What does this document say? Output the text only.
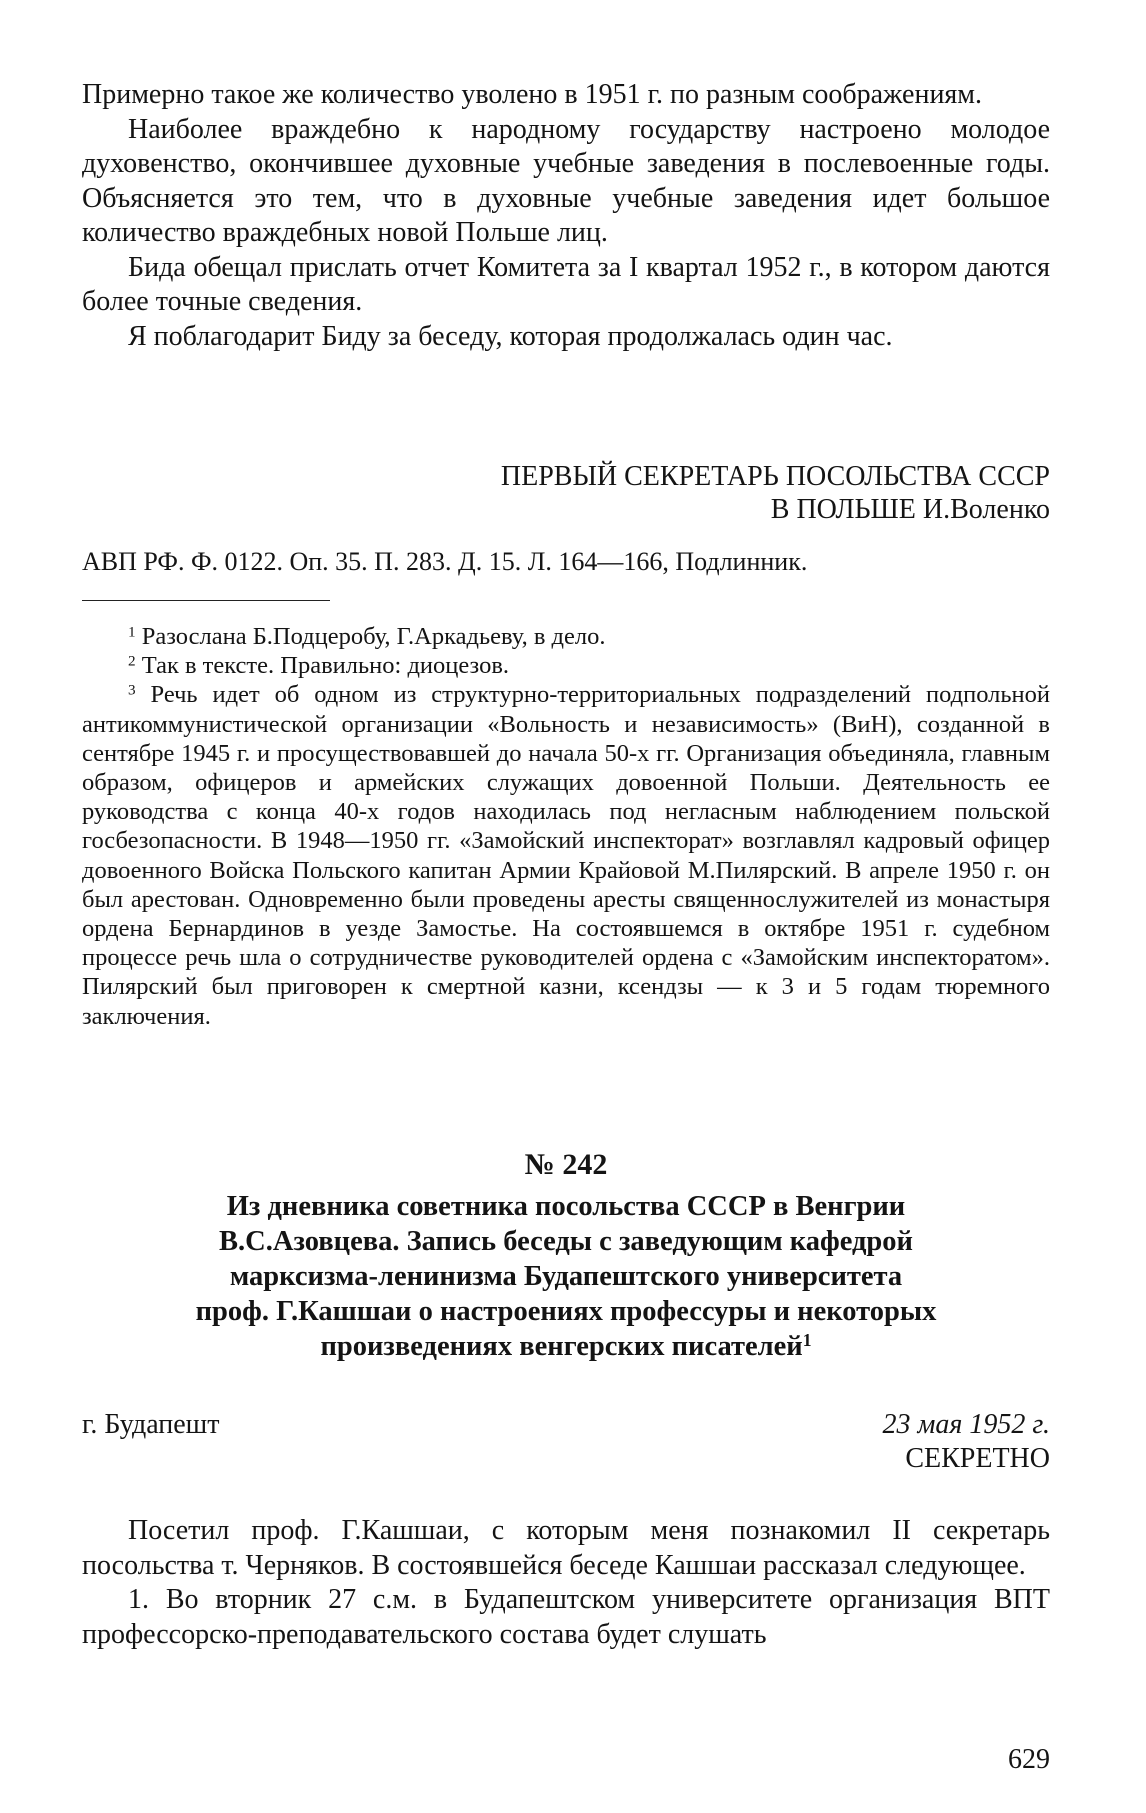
Примерно такое же количество уволено в 1951 г. по разным соображениям.

Наиболее враждебно к народному государству настроено молодое духовенство, окончившее духовные учебные заведения в послевоенные годы. Объясняется это тем, что в духовные учебные заведения идет большое количество враждебных новой Польше лиц.

Бида обещал прислать отчет Комитета за I квартал 1952 г., в котором даются более точные сведения.

Я поблагодарит Биду за беседу, которая продолжалась один час.

ПЕРВЫЙ СЕКРЕТАРЬ ПОСОЛЬСТВА СССР

В ПОЛЬШЕ И.Воленко

АВП РФ. Ф. 0122. Оп. 35. П. 283. Д. 15. Л. 164—166, Подлинник.

$^1$ Разослана Б.Подцеробу, Г.Аркадьеву, в дело.

$^2$ Так в тексте. Правильно: диоцезов.

$^3$ Речь идет об одном из структурно-территориальных подразделений подпольной антикоммунистической организации «Вольность и независимость» (ВиН), созданной в сентябре 1945 г. и просуществовавшей до начала 50-х гг. Организация объединяла, главным образом, офицеров и армейских служащих довоенной Польши. Деятельность ее руководства с конца 40-х годов находилась под негласным наблюдением польской госбезопасности. В 1948—1950 гг. «Замойский инспекторат» возглавлял кадровый офицер довоенного Войска Польского капитан Армии Крайовой М.Пилярский. В апреле 1950 г. он был арестован. Одновременно были проведены аресты священнослужителей из монастыря ордена Бернардинов в уезде Замостье. На состоявшемся в октябре 1951 г. судебном процессе речь шла о сотрудничестве руководителей ордена с «Замойским инспекторатом». Пилярский был приговорен к смертной казни, ксендзы — к 3 и 5 годам тюремного заключения.

№ 242

Из дневника советника посольства СССР в Венгрии

В.С.Азовцева. Запись беседы с заведующим кафедрой

марксизма-ленинизма Будапештского университета

проф. Г.Кашшаи о настроениях профессуры и некоторых

произведениях венгерских писателей$^1$

г. Будапешт	23 мая 1952 г.

СЕКРЕТНО

Посетил проф. Г.Кашшаи, с которым меня познакомил II секретарь посольства т. Черняков. В состоявшейся беседе Кашшаи рассказал следующее.

1. Во вторник 27 с.м. в Будапештском университете организация ВПТ профессорско-преподавательского состава будет слушать

629
